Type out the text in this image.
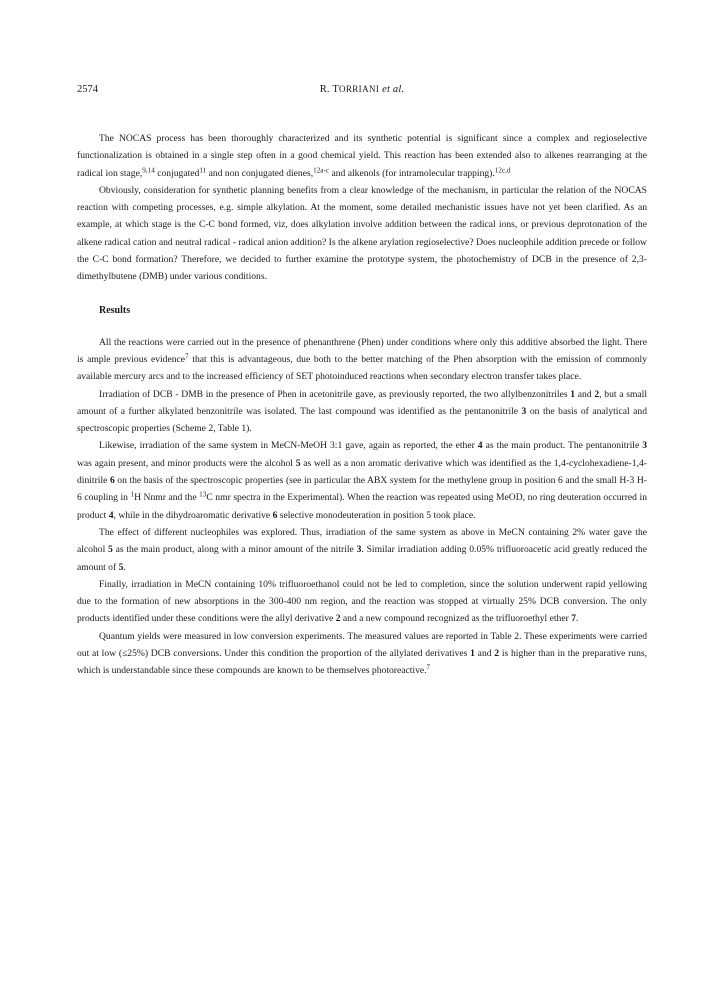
2574	R. TORRIANI et al.

The NOCAS process has been thoroughly characterized and its synthetic potential is significant since a complex and regioselective functionalization is obtained in a single step often in a good chemical yield. This reaction has been extended also to alkenes rearranging at the radical ion stage,$^{9,14}$ conjugated$^{11}$ and non conjugated dienes,$^{12a-c}$ and alkenols (for intramolecular trapping).$^{12c,d}$

Obviously, consideration for synthetic planning benefits from a clear knowledge of the mechanism, in particular the relation of the NOCAS reaction with competing processes, e.g. simple alkylation. At the moment, some detailed mechanistic issues have not yet been clarified. As an example, at which stage is the C-C bond formed, viz, does alkylation involve addition between the radical ions, or previous deprotonation of the alkene radical cation and neutral radical - radical anion addition? Is the alkene arylation regioselective? Does nucleophile addition precede or follow the C-C bond formation? Therefore, we decided to further examine the prototype system, the photochemistry of DCB in the presence of 2,3-dimethylbutene (DMB) under various conditions.

Results

All the reactions were carried out in the presence of phenanthrene (Phen) under conditions where only this additive absorbed the light. There is ample previous evidence$^7$ that this is advantageous, due both to the better matching of the Phen absorption with the emission of commonly available mercury arcs and to the increased efficiency of SET photoinduced reactions when secondary electron transfer takes place.

Irradiation of DCB - DMB in the presence of Phen in acetonitrile gave, as previously reported, the two allylbenzonitriles 1 and 2, but a small amount of a further alkylated benzonitrile was isolated. The last compound was identified as the pentanonitrile 3 on the basis of analytical and spectroscopic properties (Scheme 2, Table 1).

Likewise, irradiation of the same system in MeCN-MeOH 3:1 gave, again as reported, the ether 4 as the main product. The pentanonitrile 3 was again present, and minor products were the alcohol 5 as well as a non aromatic derivative which was identified as the 1,4-cyclohexadiene-1,4-dinitrile 6 on the basis of the spectroscopic properties (see in particular the ABX system for the methylene group in position 6 and the small H-3 H-6 coupling in $^1$H Nnmr and the $^{13}$C nmr spectra in the Experimental). When the reaction was repeated using MeOD, no ring deuteration occurred in product 4, while in the dihydroaromatic derivative 6 selective monodeuteration in position 5 took place.

The effect of different nucleophiles was explored. Thus, irradiation of the same system as above in MeCN containing 2% water gave the alcohol 5 as the main product, along with a minor amount of the nitrile 3. Similar irradiation adding 0.05% trifluoroacetic acid greatly reduced the amount of 5.

Finally, irradiation in MeCN containing 10% trifluoroethanol could not be led to completion, since the solution underwent rapid yellowing due to the formation of new absorptions in the 300-400 nm region, and the reaction was stopped at virtually 25% DCB conversion. The only products identified under these conditions were the allyl derivative 2 and a new compound recognized as the trifluoroethyl ether 7.

Quantum yields were measured in low conversion experiments. The measured values are reported in Table 2. These experiments were carried out at low (≤25%) DCB conversions. Under this condition the proportion of the allylated derivatives 1 and 2 is higher than in the preparative runs, which is understandable since these compounds are known to be themselves photoreactive.$^7$
